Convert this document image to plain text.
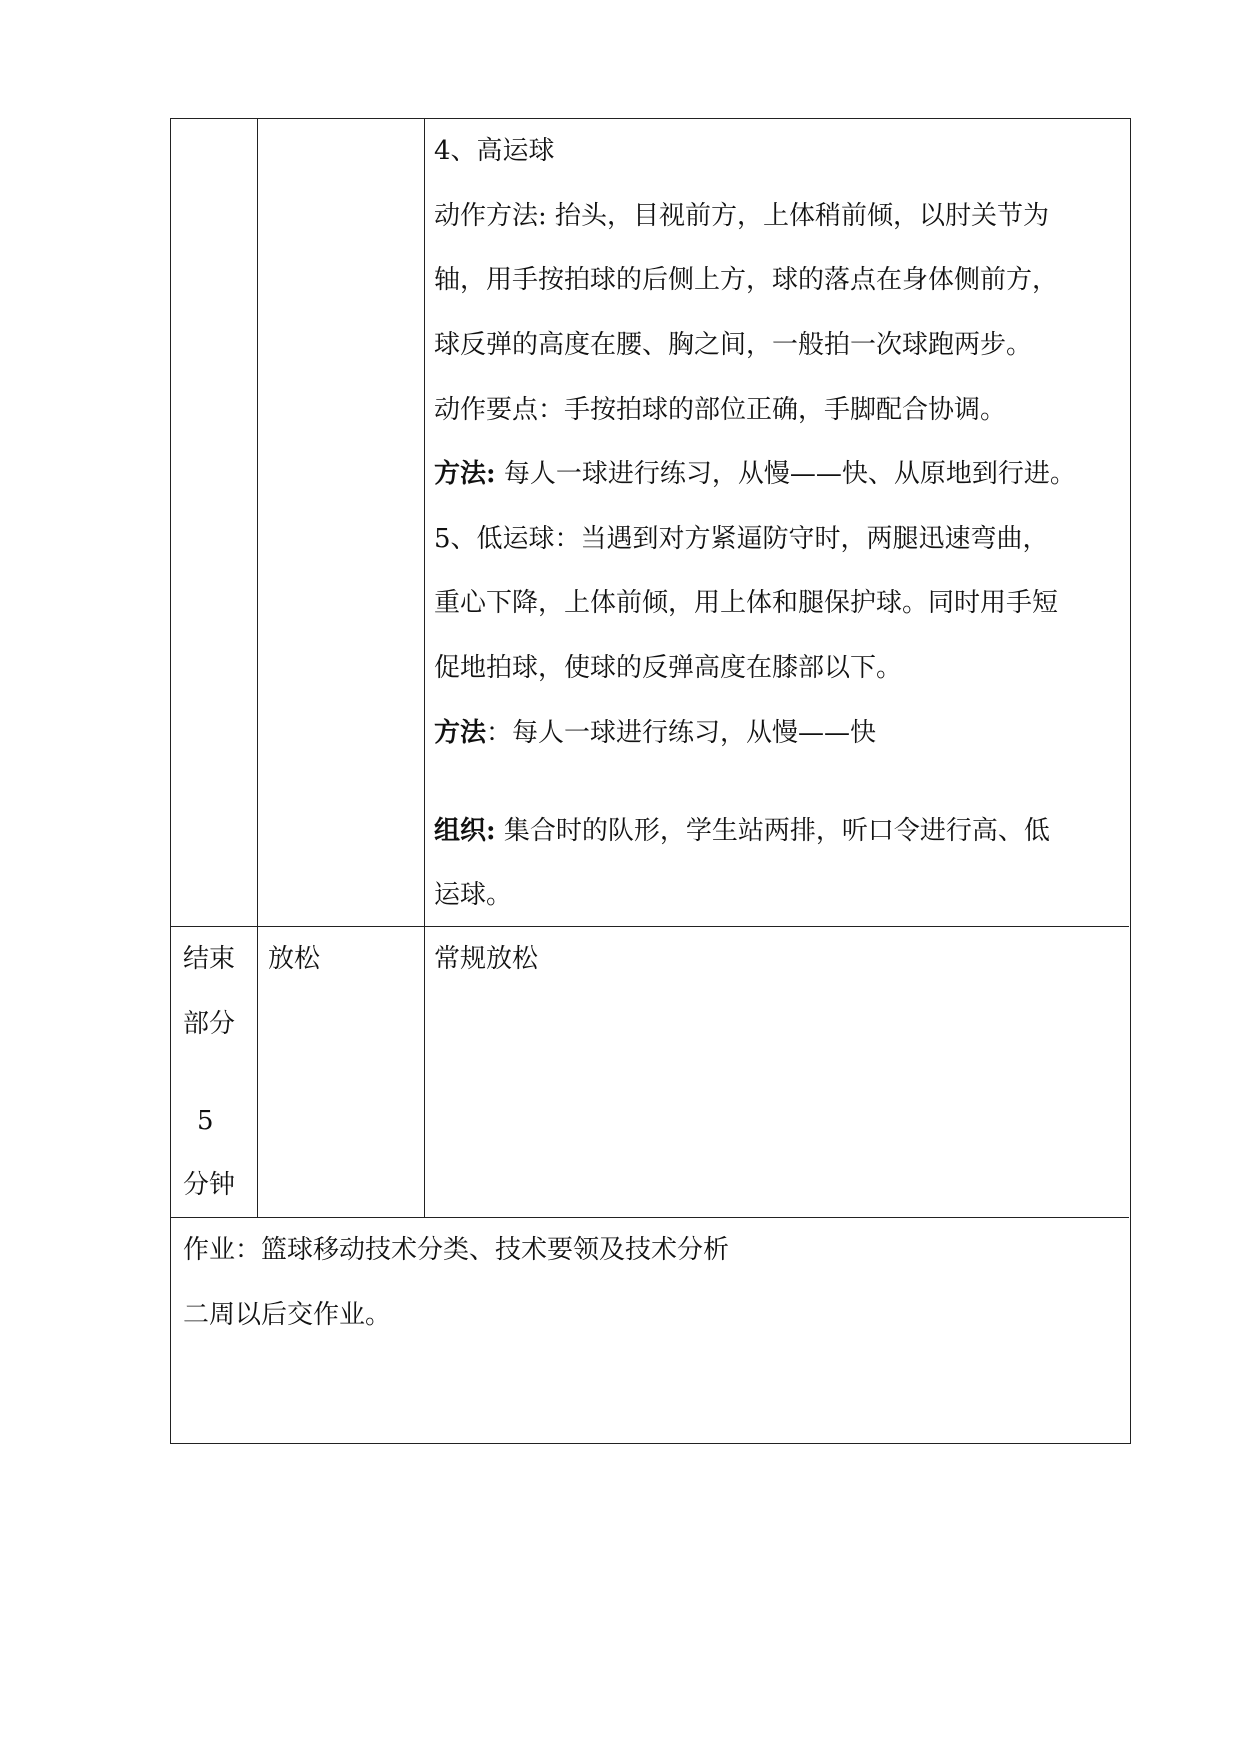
4、高运球
动作方法: 抬头，目视前方，上体稍前倾，以肘关节为
轴，用手按拍球的后侧上方，球的落点在身体侧前方，
球反弹的高度在腰、胸之间，一般拍一次球跑两步。
动作要点：手按拍球的部位正确，手脚配合协调。
方法: 每人一球进行练习，从慢——快、从原地到行进。
5、低运球：当遇到对方紧逼防守时，两腿迅速弯曲，
重心下降，上体前倾，用上体和腿保护球。同时用手短
促地拍球，使球的反弹高度在膝部以下。
方法：每人一球进行练习，从慢——快
组织: 集合时的队形，学生站两排，听口令进行高、低
运球。
结束
部分
5
分钟
放松	常规放松
作业：篮球移动技术分类、技术要领及技术分析
二周以后交作业。
